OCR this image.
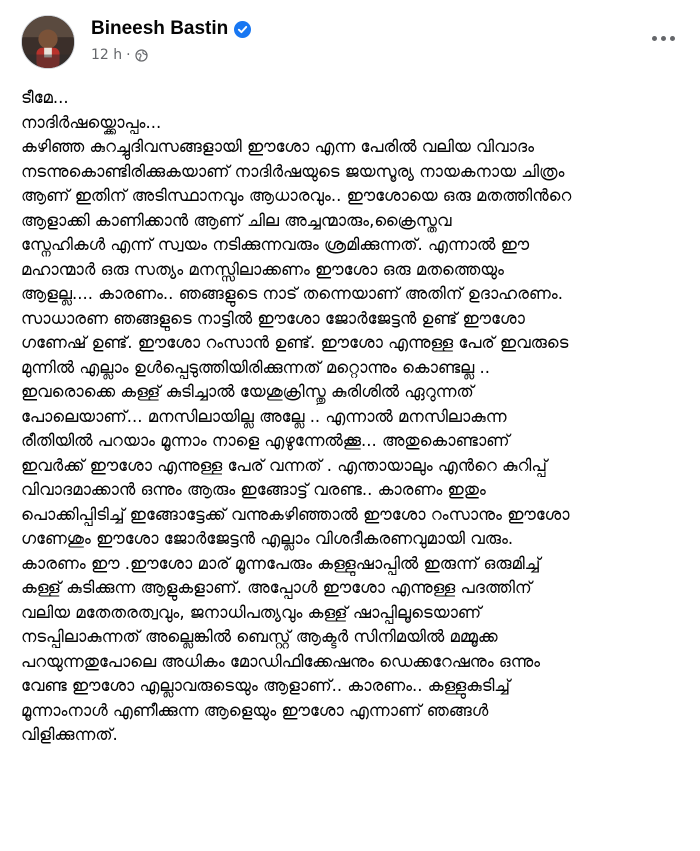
Bineesh Bastin
12 h ·
ടീമേ...
നാദിർഷയ്ക്കൊപ്പം...
കഴിഞ്ഞ കുറച്ചുദിവസങ്ങളായി ഈശോ എന്ന പേരിൽ വലിയ വിവാദം
നടന്നുകൊണ്ടിരിക്കുകയാണ് നാദിർഷയുടെ ജയസൂര്യ നായകനായ ചിത്രം
ആണ് ഇതിന് അടിസ്ഥാനവും ആധാരവും.. ഈശോയെ ഒരു മതത്തിൻറെ
ആളാക്കി കാണിക്കാൻ ആണ് ചില അച്ചന്മാരും,ക്രൈസ്തവ
സ്നേഹികൾ എന്ന് സ്വയം നടിക്കുന്നവരും ശ്രമിക്കുന്നത്. എന്നാൽ ഈ
മഹാന്മാർ ഒരു സത്യം മനസ്സിലാക്കണം ഈശോ ഒരു മതത്തെയും
ആളല്ല.... കാരണം.. ഞങ്ങളുടെ നാട് തന്നെയാണ് അതിന് ഉദാഹരണം.
സാധാരണ ഞങ്ങളുടെ നാട്ടിൽ ഈശോ ജോർജേട്ടൻ ഉണ്ട് ഈശോ
ഗണേഷ് ഉണ്ട്. ഈശോ റംസാൻ ഉണ്ട്. ഈശോ എന്നുള്ള പേര് ഇവരുടെ
മുന്നിൽ എല്ലാം ഉൾപ്പെടുത്തിയിരിക്കുന്നത് മറ്റൊന്നും കൊണ്ടല്ല ..
ഇവരൊക്കെ കള്ള് കുടിച്ചാൽ യേശുക്രിസ്തു കുരിശിൽ ഏറുന്നത്
പോലെയാണ്... മനസിലായില്ല അല്ലേ .. എന്നാൽ മനസിലാകുന്ന
രീതിയിൽ പറയാം മൂന്നാം നാളെ എഴുന്നേൽക്കൂ... അതുകൊണ്ടാണ്
ഇവർക്ക് ഈശോ എന്നുള്ള പേര് വന്നത് . എന്തായാലും എൻറെ കുറിപ്പ്
വിവാദമാക്കാൻ ഒന്നും ആരും ഇങ്ങോട്ട് വരണ്ട.. കാരണം ഇതും
പൊക്കിപ്പിടിച്ച് ഇങ്ങോട്ടേക്ക് വന്നുകഴിഞ്ഞാൽ ഈശോ റംസാനും ഈശോ
ഗണേശും ഈശോ ജോർജേട്ടൻ എല്ലാം വിശദീകരണവുമായി വരും.
കാരണം ഈ .ഈശോ മാര് മൂന്നപേരും കള്ളുഷാപ്പിൽ ഇരുന്ന് ഒരുമിച്ച്
കള്ള് കുടിക്കുന്ന ആളുകളാണ്. അപ്പോൾ ഈശോ എന്നുള്ള പദത്തിന്
വലിയ മതേതരത്വവും, ജനാധിപത്യവും കള്ള് ഷാപ്പിലൂടെയാണ്
നടപ്പിലാകുന്നത് അല്ലെങ്കിൽ ബെസ്റ്റ് ആക്ടർ സിനിമയിൽ മമ്മൂക്ക
പറയുന്നതുപോലെ അധികം മോഡിഫിക്കേഷനും ഡെക്കറേഷനും ഒന്നും
വേണ്ട ഈശോ എല്ലാവരുടെയും ആളാണ്.. കാരണം.. കള്ളുകുടിച്ച്
മൂന്നാംനാൾ എണീക്കുന്ന ആളെയും ഈശോ എന്നാണ് ഞങ്ങൾ
വിളിക്കുന്നത്.
